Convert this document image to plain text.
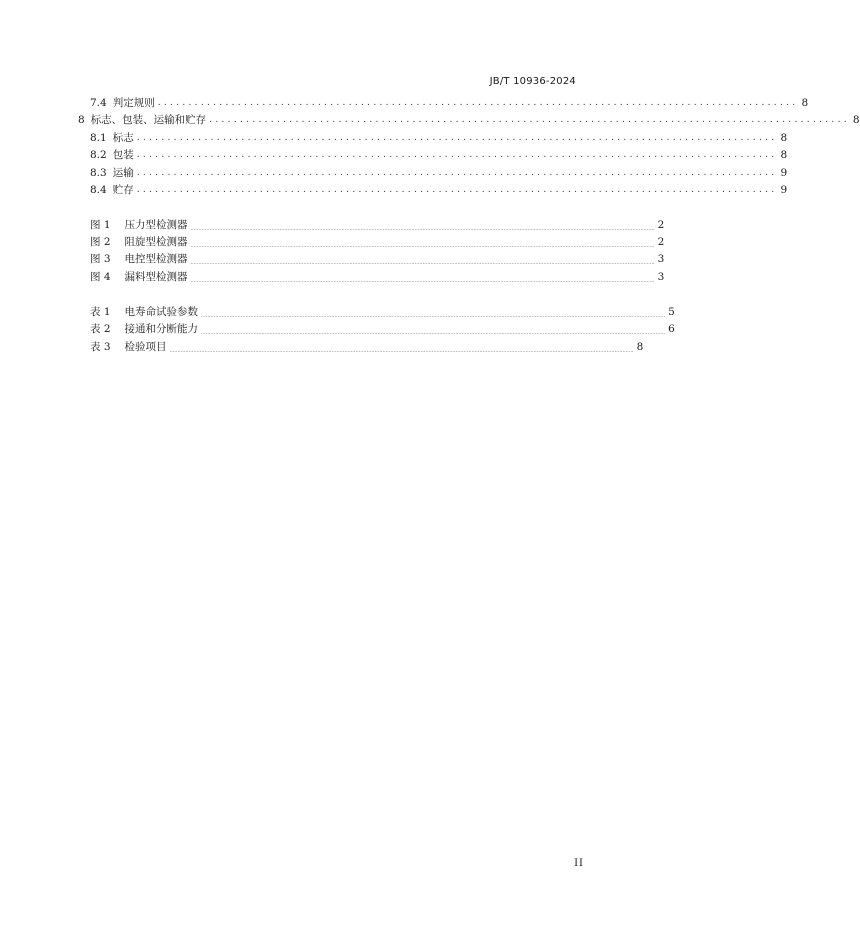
JB/T 10936-2024
7.4 判定规则 ........................................................................................................ 8
8 标志、包装、运输和贮存 ........................................................................................................ 8
8.1 标志 ........................................................................................................ 8
8.2 包装 ........................................................................................................ 8
8.3 运输 ........................................................................................................ 9
8.4 贮存 ........................................................................................................ 9
图 1 压力型检测器 .................................................................................................................................................................................................................................................................................................... 2
图 2 阻旋型检测器 .................................................................................................................................................................................................................................................................................................... 2
图 3 电控型检测器 .................................................................................................................................................................................................................................................................................................... 3
图 4 漏料型检测器 .................................................................................................................................................................................................................................................................................................... 3
表 1 电寿命试验参数 .................................................................................................................................................................................................................................................................................................... 5
表 2 接通和分断能力 .................................................................................................................................................................................................................................................................................................... 6
表 3 检验项目 .................................................................................................................................................................................................................................................................................................... 8
II
